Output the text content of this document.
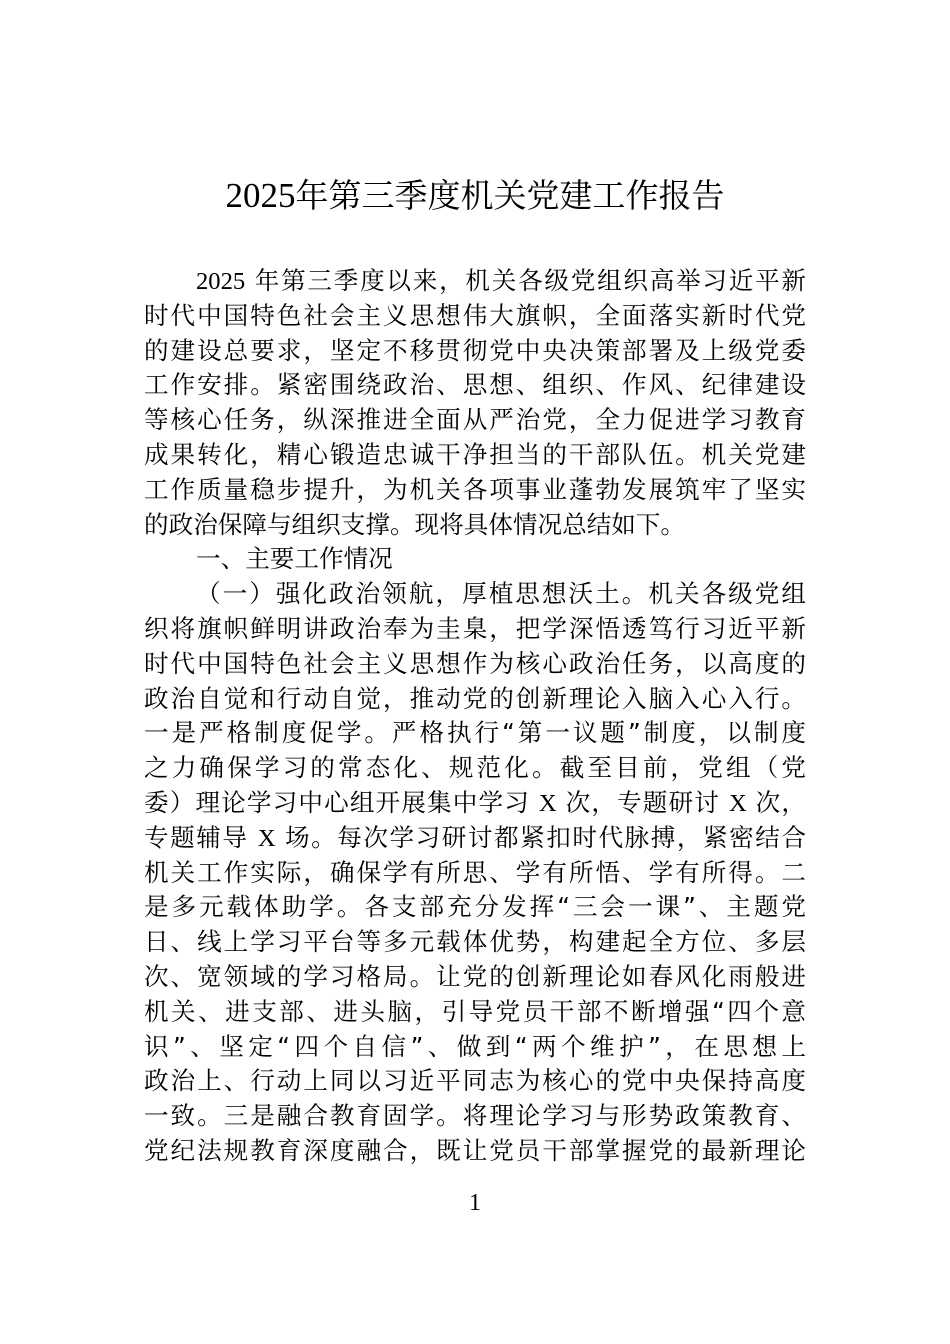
2025年第三季度机关党建工作报告
2025 年第三季度以来，机关各级党组织高举习近平新
时代中国特色社会主义思想伟大旗帜，全面落实新时代党
的建设总要求，坚定不移贯彻党中央决策部署及上级党委
工作安排。紧密围绕政治、思想、组织、作风、纪律建设
等核心任务，纵深推进全面从严治党，全力促进学习教育
成果转化，精心锻造忠诚干净担当的干部队伍。机关党建
工作质量稳步提升，为机关各项事业蓬勃发展筑牢了坚实
的政治保障与组织支撑。现将具体情况总结如下。
一、主要工作情况
（一）强化政治领航，厚植思想沃土。机关各级党组
织将旗帜鲜明讲政治奉为圭臬，把学深悟透笃行习近平新
时代中国特色社会主义思想作为核心政治任务，以高度的
政治自觉和行动自觉，推动党的创新理论入脑入心入行。
一是严格制度促学。严格执行“第一议题”制度，以制度
之力确保学习的常态化、规范化。截至目前，党组（党
委）理论学习中心组开展集中学习 X 次，专题研讨 X 次，
专题辅导 X 场。每次学习研讨都紧扣时代脉搏，紧密结合
机关工作实际，确保学有所思、学有所悟、学有所得。二
是多元载体助学。各支部充分发挥“三会一课”、主题党
日、线上学习平台等多元载体优势，构建起全方位、多层
次、宽领域的学习格局。让党的创新理论如春风化雨般进
机关、进支部、进头脑，引导党员干部不断增强“四个意
识”、坚定“四个自信”、做到“两个维护”，在思想上
政治上、行动上同以习近平同志为核心的党中央保持高度
一致。三是融合教育固学。将理论学习与形势政策教育、
党纪法规教育深度融合，既让党员干部掌握党的最新理论
1
